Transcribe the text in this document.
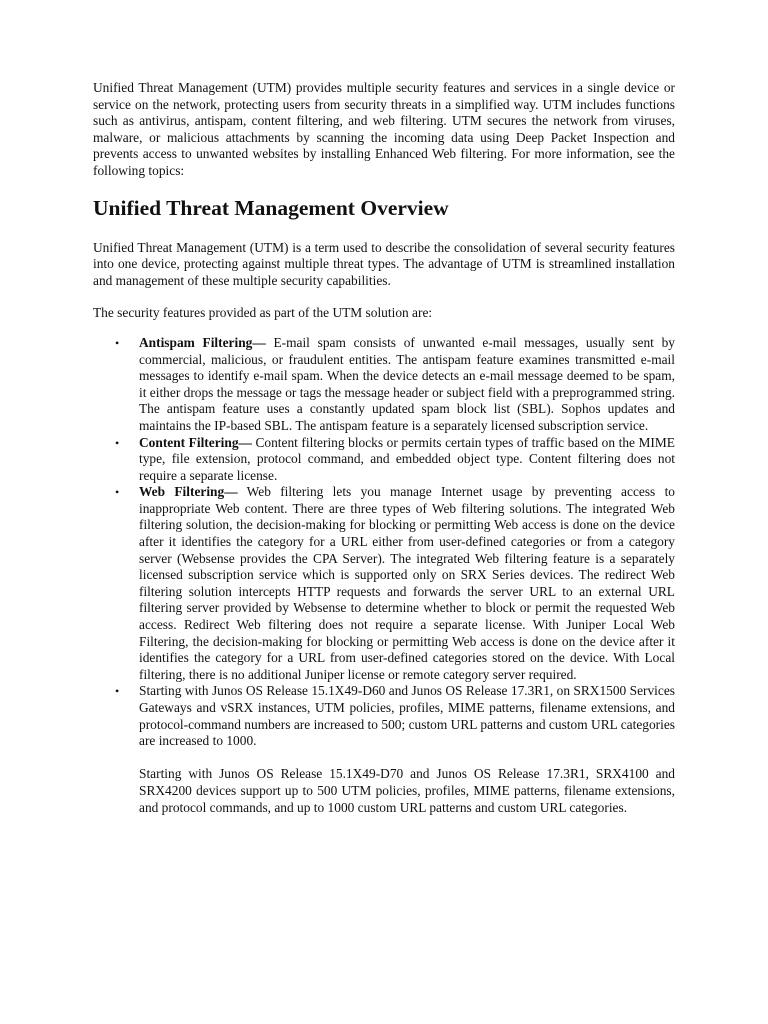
Unified Threat Management (UTM) provides multiple security features and services in a single device or service on the network, protecting users from security threats in a simplified way. UTM includes functions such as antivirus, antispam, content filtering, and web filtering. UTM secures the network from viruses, malware, or malicious attachments by scanning the incoming data using Deep Packet Inspection and prevents access to unwanted websites by installing Enhanced Web filtering. For more information, see the following topics:

Unified Threat Management Overview

Unified Threat Management (UTM) is a term used to describe the consolidation of several security features into one device, protecting against multiple threat types. The advantage of UTM is streamlined installation and management of these multiple security capabilities.

The security features provided as part of the UTM solution are:

• Antispam Filtering— E-mail spam consists of unwanted e-mail messages, usually sent by commercial, malicious, or fraudulent entities. The antispam feature examines transmitted e-mail messages to identify e-mail spam. When the device detects an e-mail message deemed to be spam, it either drops the message or tags the message header or subject field with a preprogrammed string. The antispam feature uses a constantly updated spam block list (SBL). Sophos updates and maintains the IP-based SBL. The antispam feature is a separately licensed subscription service.
• Content Filtering— Content filtering blocks or permits certain types of traffic based on the MIME type, file extension, protocol command, and embedded object type. Content filtering does not require a separate license.
• Web Filtering— Web filtering lets you manage Internet usage by preventing access to inappropriate Web content. There are three types of Web filtering solutions. The integrated Web filtering solution, the decision-making for blocking or permitting Web access is done on the device after it identifies the category for a URL either from user-defined categories or from a category server (Websense provides the CPA Server). The integrated Web filtering feature is a separately licensed subscription service which is supported only on SRX Series devices. The redirect Web filtering solution intercepts HTTP requests and forwards the server URL to an external URL filtering server provided by Websense to determine whether to block or permit the requested Web access. Redirect Web filtering does not require a separate license. With Juniper Local Web Filtering, the decision-making for blocking or permitting Web access is done on the device after it identifies the category for a URL from user-defined categories stored on the device. With Local filtering, there is no additional Juniper license or remote category server required.
• Starting with Junos OS Release 15.1X49-D60 and Junos OS Release 17.3R1, on SRX1500 Services Gateways and vSRX instances, UTM policies, profiles, MIME patterns, filename extensions, and protocol-command numbers are increased to 500; custom URL patterns and custom URL categories are increased to 1000.
Starting with Junos OS Release 15.1X49-D70 and Junos OS Release 17.3R1, SRX4100 and SRX4200 devices support up to 500 UTM policies, profiles, MIME patterns, filename extensions, and protocol commands, and up to 1000 custom URL patterns and custom URL categories.
